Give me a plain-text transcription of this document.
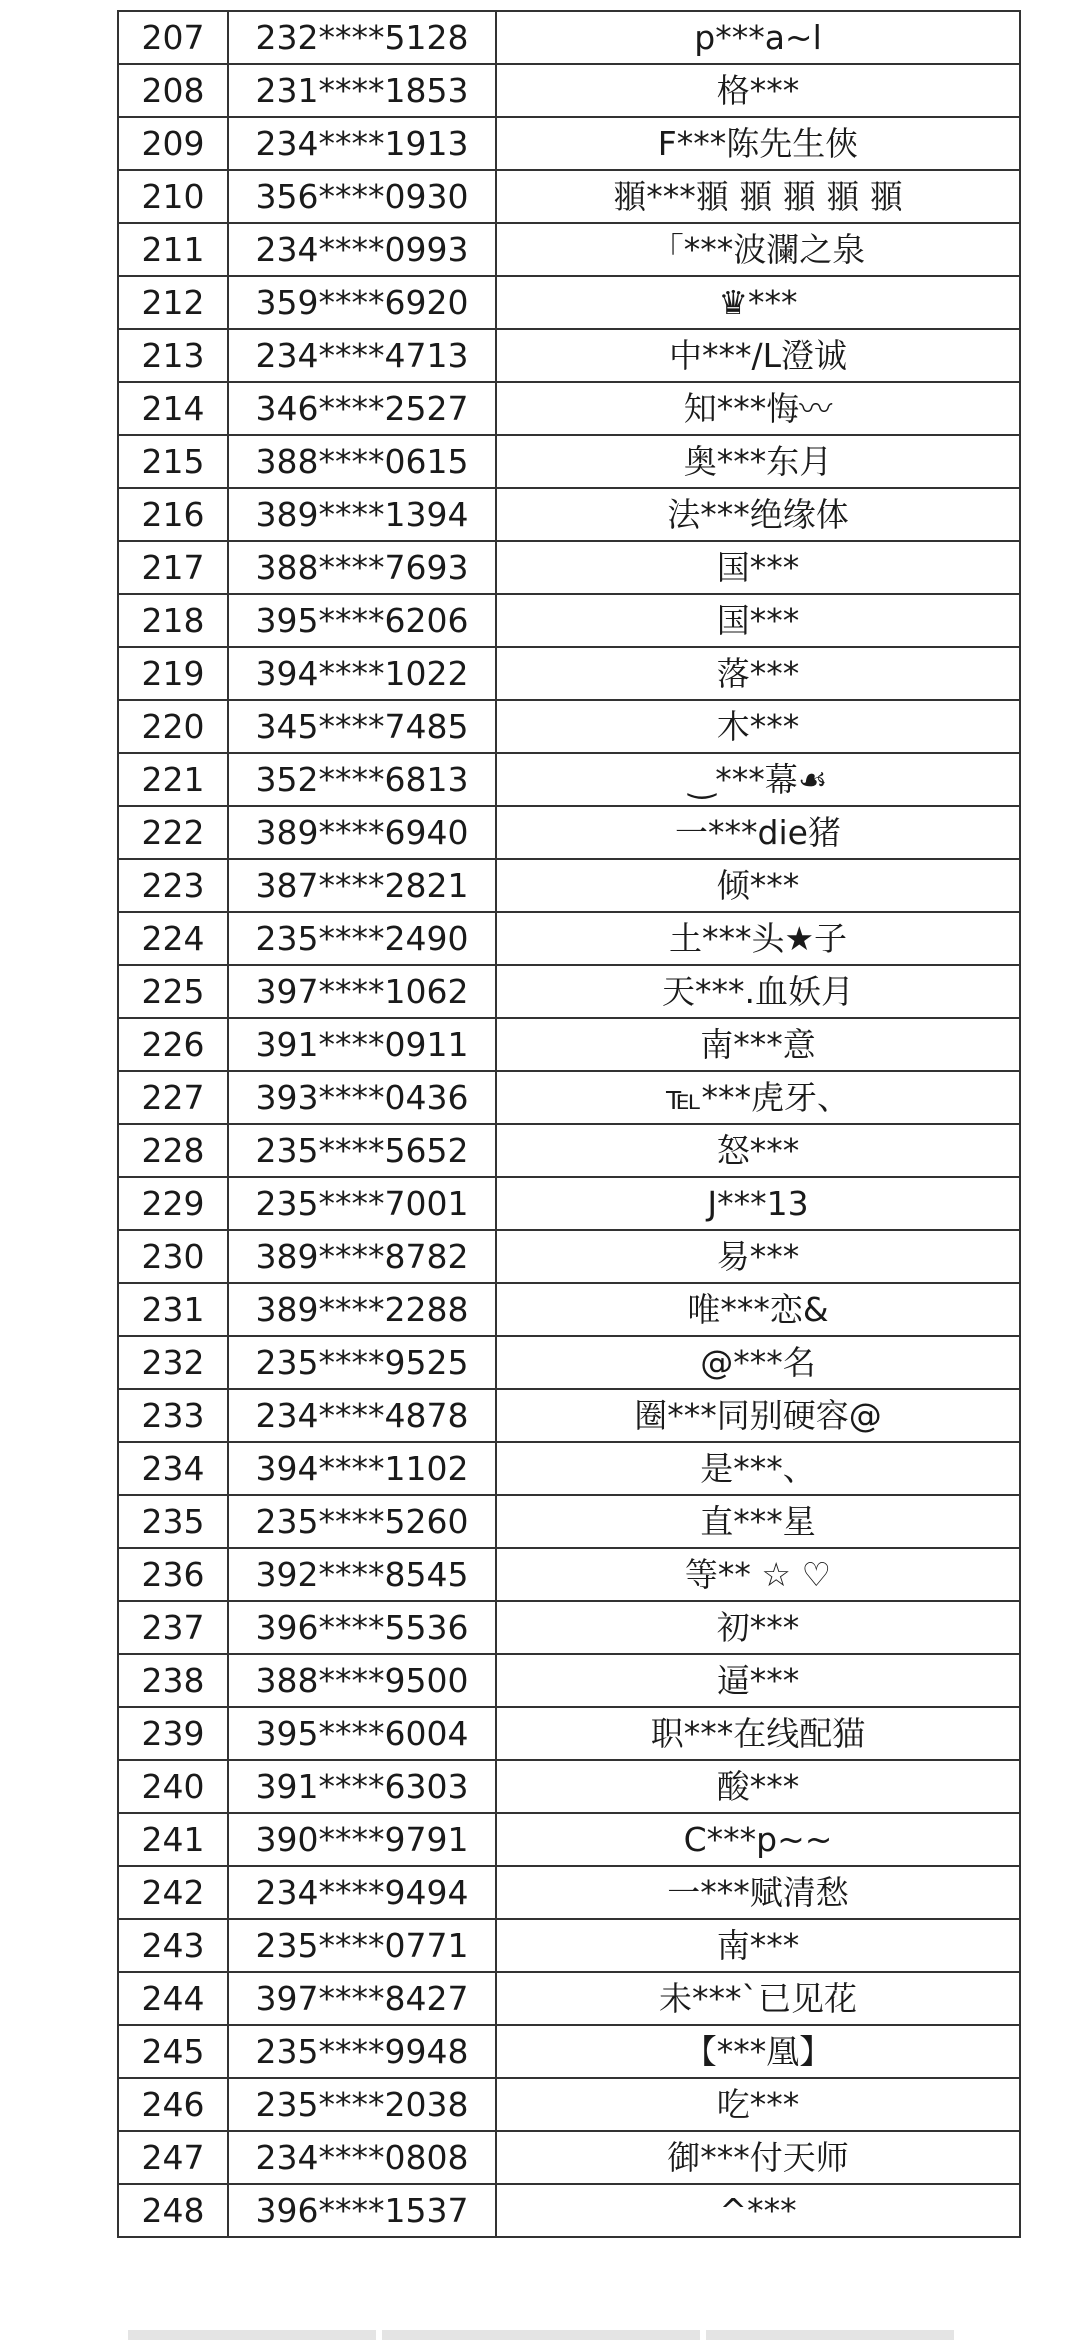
207	232****5128	p***a~l
208	231****1853	格***
209	234****1913	F***陈先生俠
210	356****0930	頨***頨 頨 頨 頨 頨
211	234****0993	「***波瀾之泉
212	359****6920	♛***
213	234****4713	中***/L澄诚
214	346****2527	知***悔〰
215	388****0615	奥***东月
216	389****1394	法***绝缘体
217	388****7693	国***
218	395****6206	国***
219	394****1022	落***
220	345****7485	木***
221	352****6813	‿***幕☙
222	389****6940	一***die猪
223	387****2821	倾***
224	235****2490	土***头★子
225	397****1062	天***.血妖月
226	391****0911	南***意
227	393****0436	℡***虎牙、
228	235****5652	怒***
229	235****7001	J***13
230	389****8782	易***
231	389****2288	唯***恋&
232	235****9525	@***名
233	234****4878	圈***同别硬容@
234	394****1102	是***、
235	235****5260	直***星
236	392****8545	等** ☆ ♡
237	396****5536	初***
238	388****9500	逼***
239	395****6004	职***在线配猫
240	391****6303	酸***
241	390****9791	C***p~~
242	234****9494	一***赋清愁
243	235****0771	南***
244	397****8427	未***`已见花
245	235****9948	【***凰】
246	235****2038	吃***
247	234****0808	御***付天师
248	396****1537	^***
